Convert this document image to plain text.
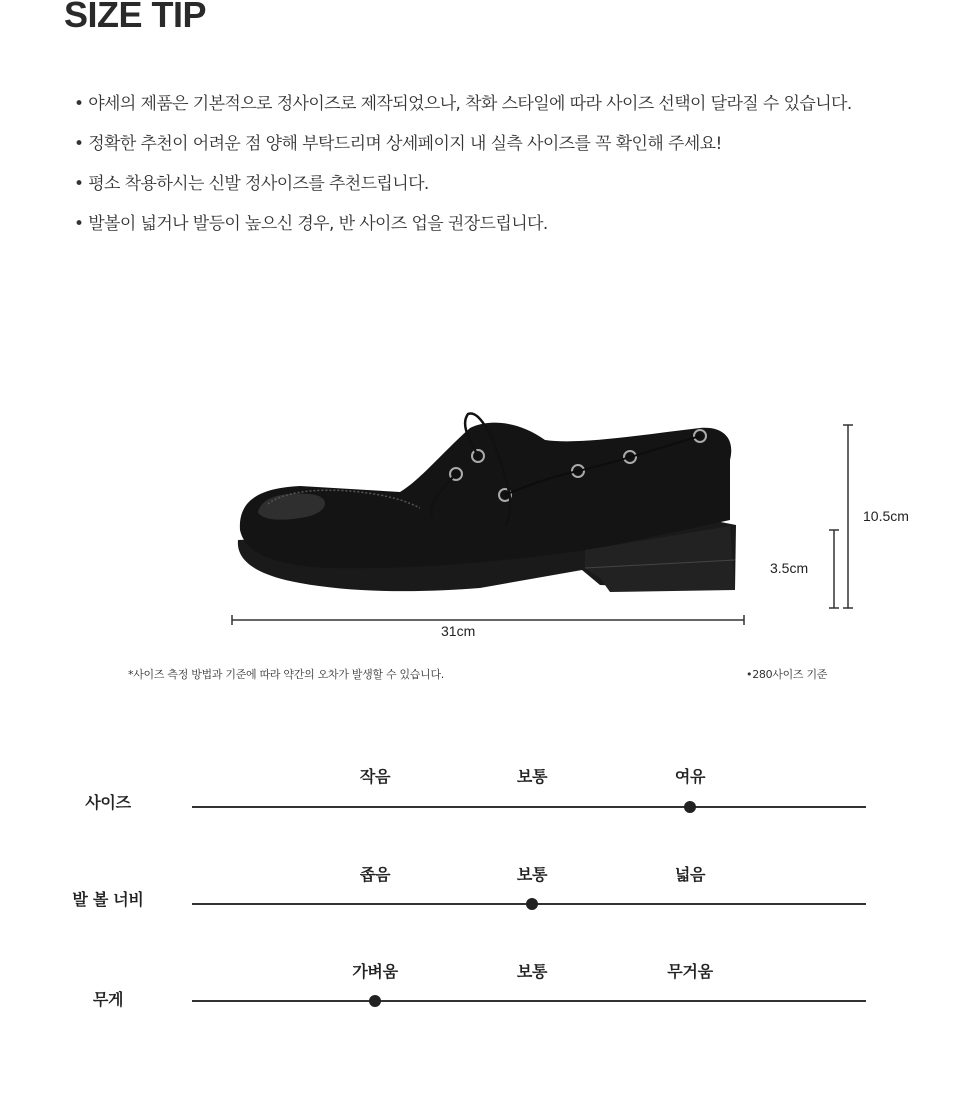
SIZE TIP
• 야세의 제품은 기본적으로 정사이즈로 제작되었으나, 착화 스타일에 따라 사이즈 선택이 달라질 수 있습니다.
• 정확한 추천이 어려운 점 양해 부탁드리며 상세페이지 내 실측 사이즈를 꼭 확인해 주세요!
• 평소 착용하시는 신발 정사이즈를 추천드립니다.
• 발볼이 넓거나 발등이 높으신 경우, 반 사이즈 업을 권장드립니다.
31cm
10.5cm
3.5cm
*사이즈 측정 방법과 기준에 따라 약간의 오차가 발생할 수 있습니다.	•280사이즈 기준
작음	보통	여유
사이즈
좁음	보통	넓음
발 볼 너비
가벼움	보통	무거움
무게
